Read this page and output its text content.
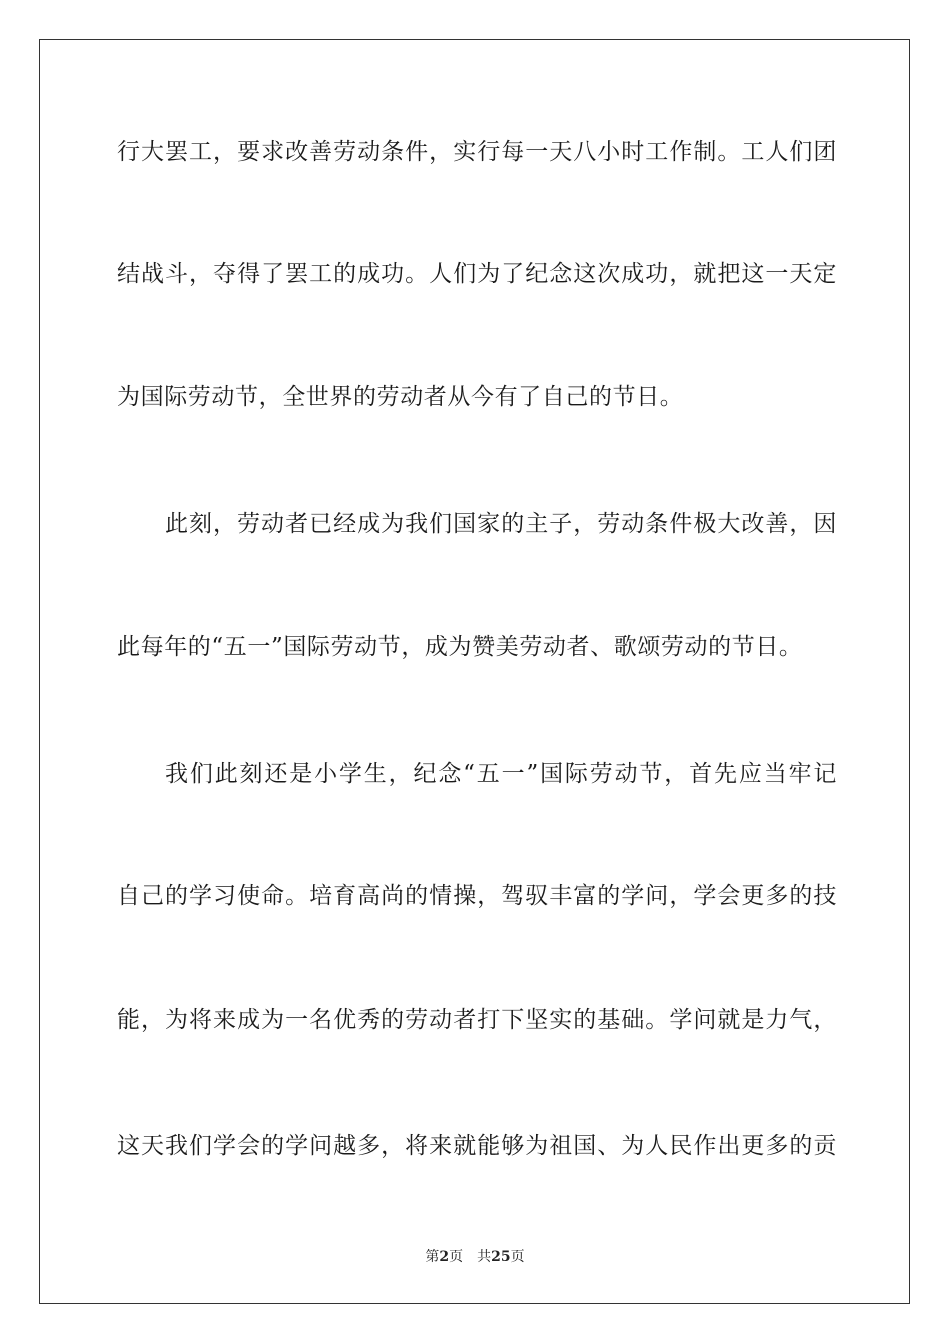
行大罢工，要求改善劳动条件，实行每一天八小时工作制。工人们团
结战斗，夺得了罢工的成功。人们为了纪念这次成功，就把这一天定
为国际劳动节，全世界的劳动者从今有了自己的节日。
此刻，劳动者已经成为我们国家的主子，劳动条件极大改善，因
此每年的“五一”国际劳动节，成为赞美劳动者、歌颂劳动的节日。
我们此刻还是小学生，纪念“五一”国际劳动节，首先应当牢记
自己的学习使命。培育高尚的情操，驾驭丰富的学问，学会更多的技
能，为将来成为一名优秀的劳动者打下坚实的基础。学问就是力气，
这天我们学会的学问越多，将来就能够为祖国、为人民作出更多的贡
第2页 共25页
